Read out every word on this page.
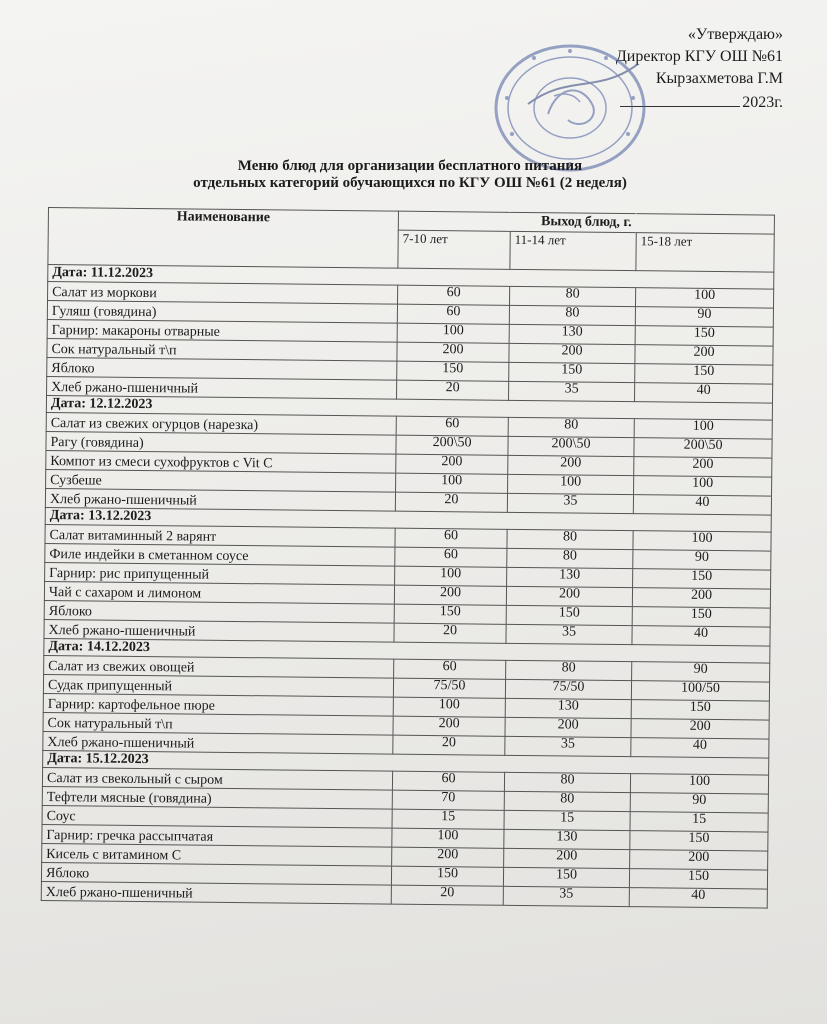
«Утверждаю»
Директор КГУ ОШ №61
Кырзахметова Г.М
2023г.
Меню блюд для организации бесплатного питания
отдельных категорий обучающихся по КГУ ОШ №61 (2 неделя)
Наименование	Выход блюд, г.		
	7-10 лет	11-14 лет	15-18 лет
Дата: 11.12.2023			
Салат из моркови	60	80	100
Гуляш (говядина)	60	80	90
Гарнир: макароны отварные	100	130	150
Сок натуральный т\п	200	200	200
Яблоко	150	150	150
Хлеб ржано-пшеничный	20	35	40
Дата: 12.12.2023			
Салат из свежих огурцов (нарезка)	60	80	100
Рагу (говядина)	200\50	200\50	200\50
Компот из смеси сухофруктов с Vit C	200	200	200
Сузбеше	100	100	100
Хлеб ржано-пшеничный	20	35	40
Дата: 13.12.2023			
Салат витаминный 2 варянт	60	80	100
Филе индейки в сметанном соусе	60	80	90
Гарнир: рис припущенный	100	130	150
Чай с сахаром и лимоном	200	200	200
Яблоко	150	150	150
Хлеб ржано-пшеничный	20	35	40
Дата: 14.12.2023			
Салат из свежих овощей	60	80	90
Судак припущенный	75/50	75/50	100/50
Гарнир: картофельное пюре	100	130	150
Сок натуральный т\п	200	200	200
Хлеб ржано-пшеничный	20	35	40
Дата: 15.12.2023			
Салат из свекольный с сыром	60	80	100
Тефтели мясные (говядина)	70	80	90
Соус	15	15	15
Гарнир: гречка рассыпчатая	100	130	150
Кисель с витамином С	200	200	200
Яблоко	150	150	150
Хлеб ржано-пшеничный	20	35	40
